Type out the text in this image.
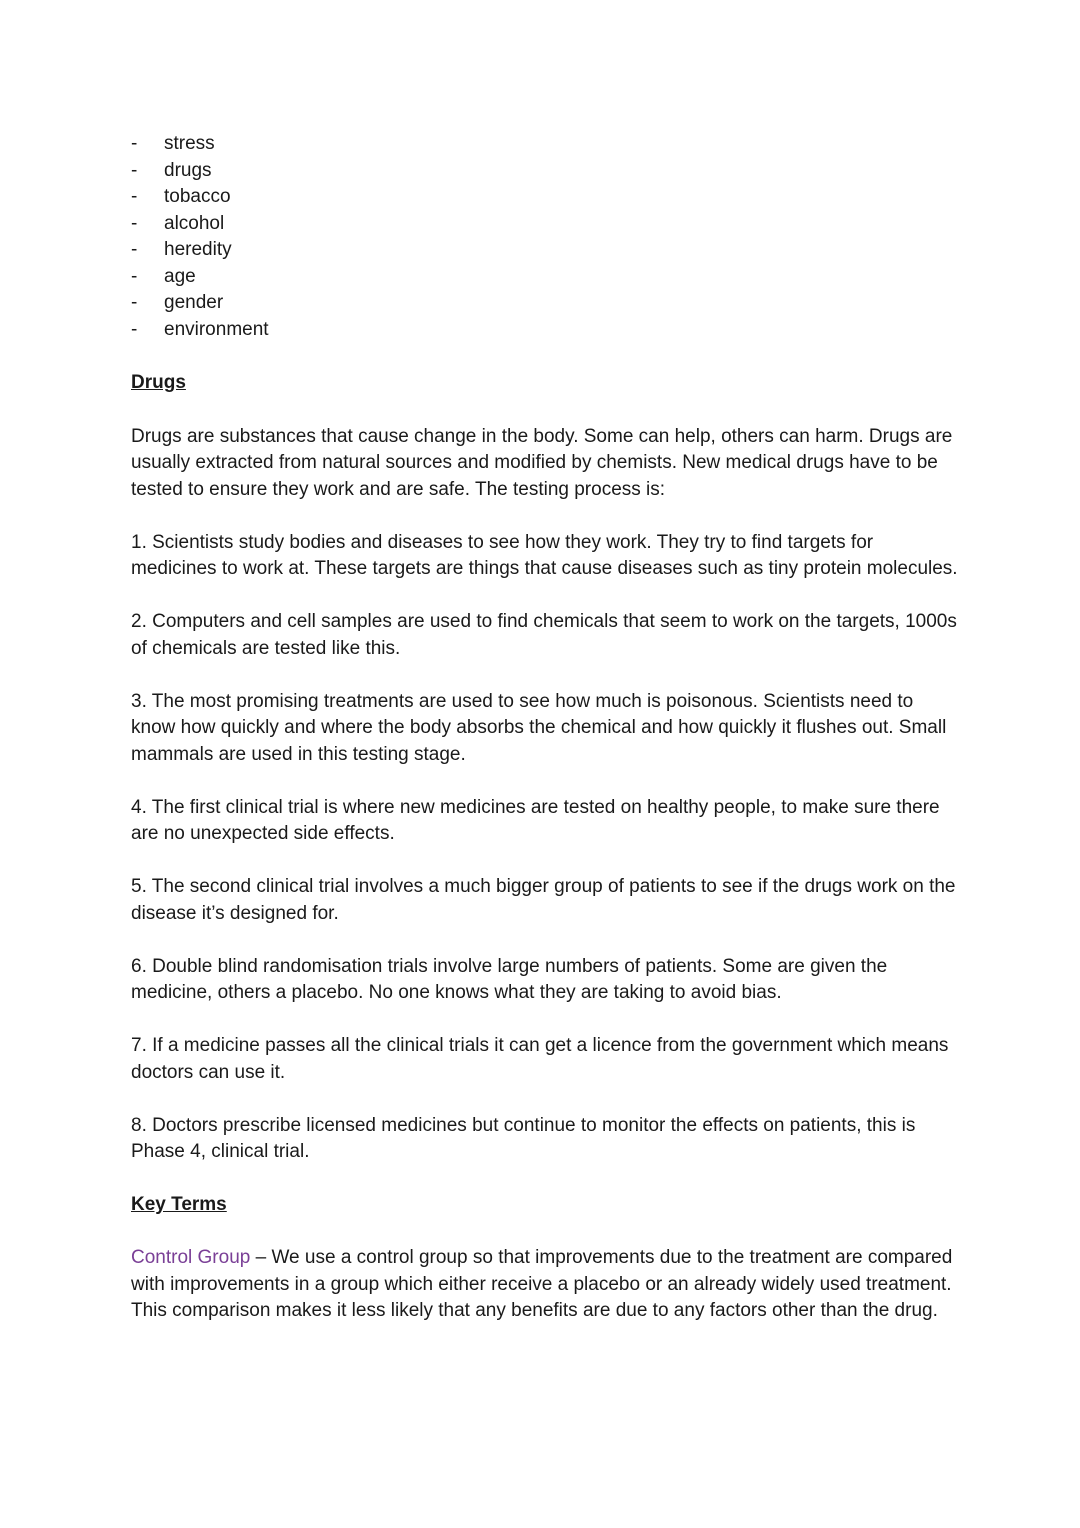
- stress
- drugs
- tobacco
- alcohol
- heredity
- age
- gender
- environment
Drugs

Drugs are substances that cause change in the body. Some can help, others can harm. Drugs are usually extracted from natural sources and modified by chemists. New medical drugs have to be tested to ensure they work and are safe. The testing process is:

1. Scientists study bodies and diseases to see how they work. They try to find targets for medicines to work at. These targets are things that cause diseases such as tiny protein molecules.

2. Computers and cell samples are used to find chemicals that seem to work on the targets, 1000s of chemicals are tested like this.

3. The most promising treatments are used to see how much is poisonous. Scientists need to know how quickly and where the body absorbs the chemical and how quickly it flushes out. Small mammals are used in this testing stage.

4. The first clinical trial is where new medicines are tested on healthy people, to make sure there are no unexpected side effects.

5. The second clinical trial involves a much bigger group of patients to see if the drugs work on the disease it’s designed for.

6. Double blind randomisation trials involve large numbers of patients. Some are given the medicine, others a placebo. No one knows what they are taking to avoid bias.

7. If a medicine passes all the clinical trials it can get a licence from the government which means doctors can use it.

8. Doctors prescribe licensed medicines but continue to monitor the effects on patients, this is Phase 4, clinical trial.

Key Terms

Control Group – We use a control group so that improvements due to the treatment are compared with improvements in a group which either receive a placebo or an already widely used treatment. This comparison makes it less likely that any benefits are due to any factors other than the drug.
